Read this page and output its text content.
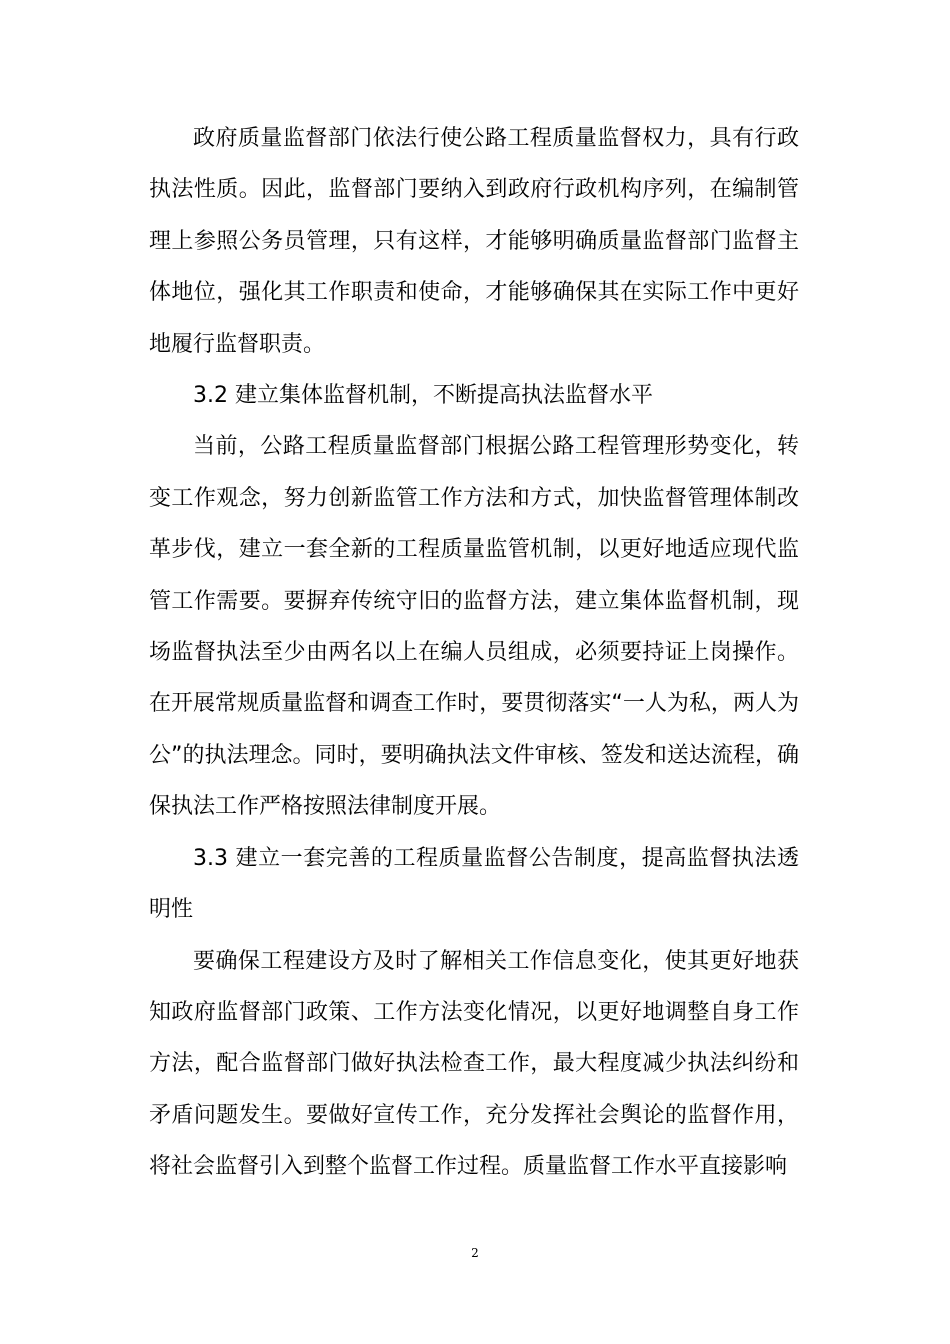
政府质量监督部门依法行使公路工程质量监督权力，具有行政执法性质。因此，监督部门要纳入到政府行政机构序列，在编制管理上参照公务员管理，只有这样，才能够明确质量监督部门监督主体地位，强化其工作职责和使命，才能够确保其在实际工作中更好地履行监督职责。

3.2 建立集体监督机制，不断提高执法监督水平

当前，公路工程质量监督部门根据公路工程管理形势变化，转变工作观念，努力创新监管工作方法和方式，加快监督管理体制改革步伐，建立一套全新的工程质量监管机制，以更好地适应现代监管工作需要。要摒弃传统守旧的监督方法，建立集体监督机制，现场监督执法至少由两名以上在编人员组成，必须要持证上岗操作。在开展常规质量监督和调查工作时，要贯彻落实“一人为私，两人为公”的执法理念。同时，要明确执法文件审核、签发和送达流程，确保执法工作严格按照法律制度开展。

3.3 建立一套完善的工程质量监督公告制度，提高监督执法透明性

要确保工程建设方及时了解相关工作信息变化，使其更好地获知政府监督部门政策、工作方法变化情况，以更好地调整自身工作方法，配合监督部门做好执法检查工作，最大程度减少执法纠纷和矛盾问题发生。要做好宣传工作，充分发挥社会舆论的监督作用，将社会监督引入到整个监督工作过程。质量监督工作水平直接影响

2
